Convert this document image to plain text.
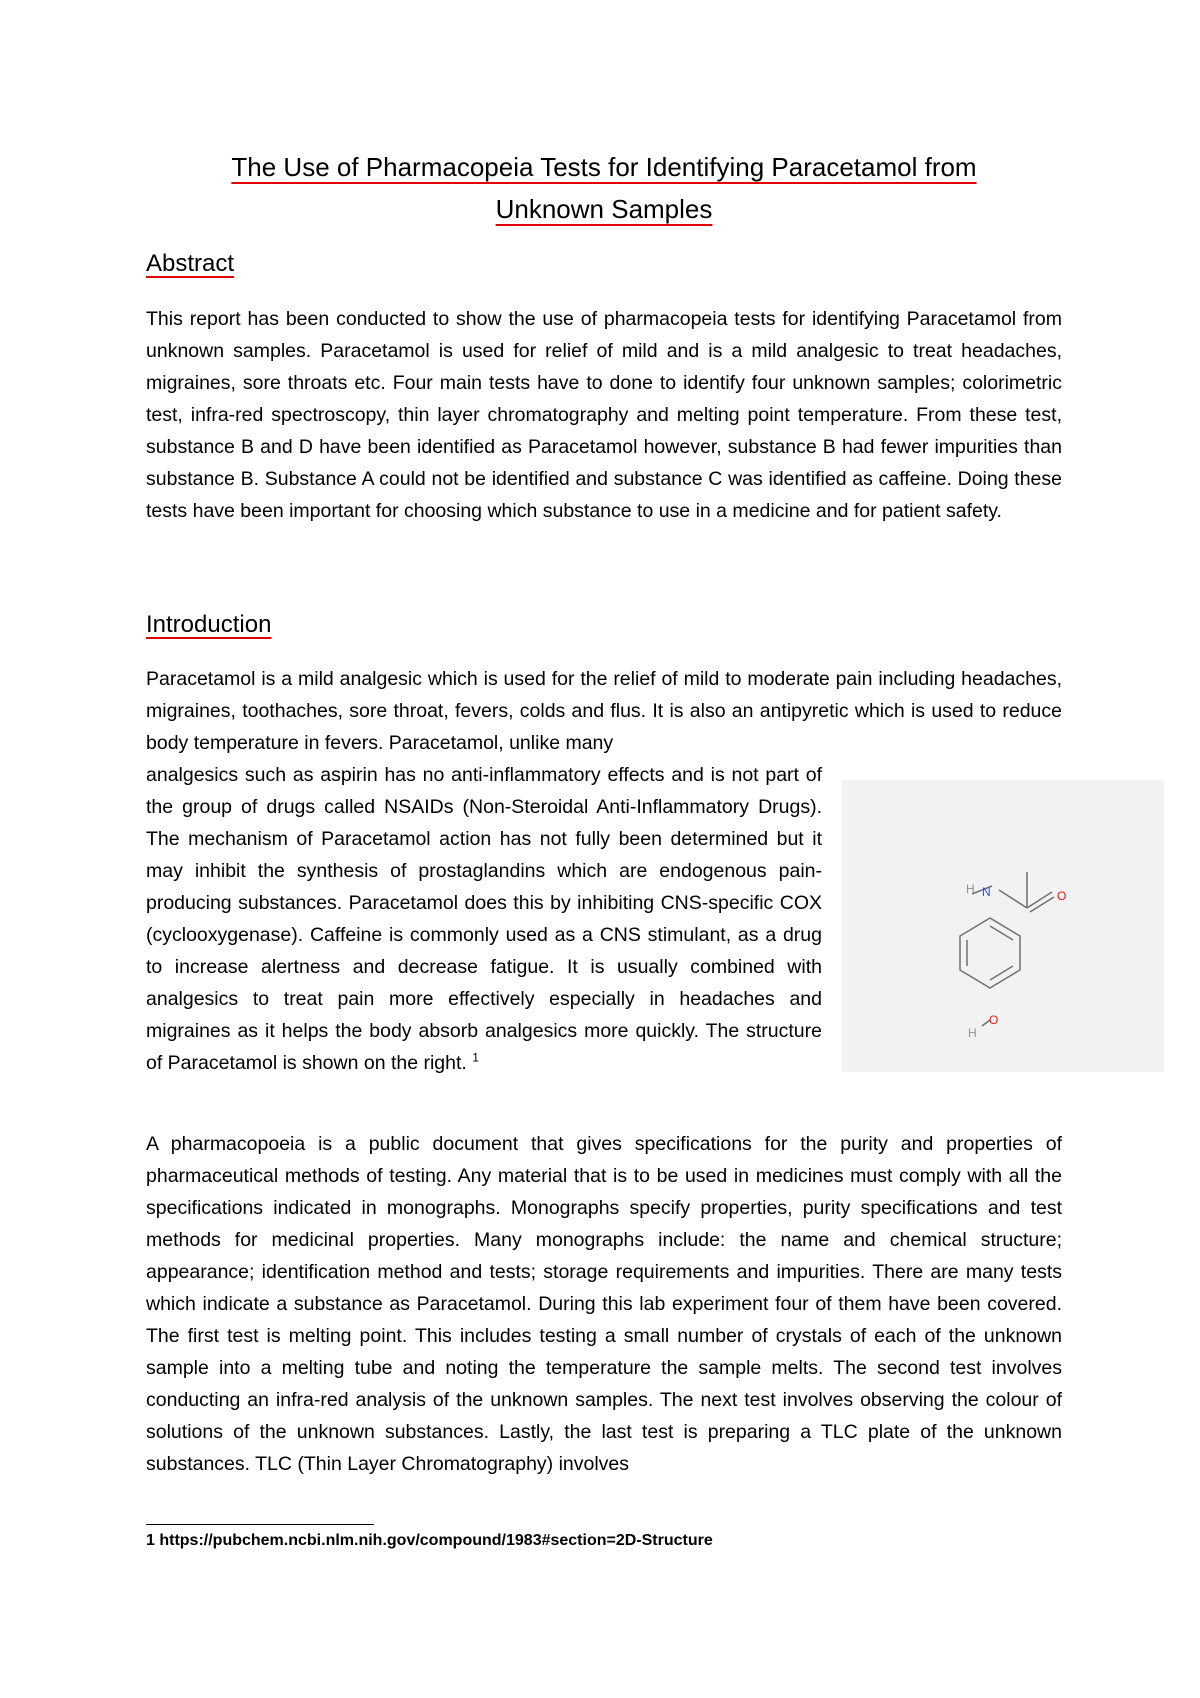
The Use of Pharmacopeia Tests for Identifying Paracetamol from
Unknown Samples
Abstract
This report has been conducted to show the use of pharmacopeia tests for identifying Paracetamol from unknown samples. Paracetamol is used for relief of mild and is a mild analgesic to treat headaches, migraines, sore throats etc. Four main tests have to done to identify four unknown samples; colorimetric test, infra-red spectroscopy, thin layer chromatography and melting point temperature. From these test, substance B and D have been identified as Paracetamol however, substance B had fewer impurities than substance B. Substance A could not be identified and substance C was identified as caffeine. Doing these tests have been important for choosing which substance to use in a medicine and for patient safety.
Introduction
Paracetamol is a mild analgesic which is used for the relief of mild to moderate pain including headaches, migraines, toothaches, sore throat, fevers, colds and flus. It is also an antipyretic which is used to reduce body temperature in fevers. Paracetamol, unlike many
analgesics such as aspirin has no anti-inflammatory effects and is not part of the group of drugs called NSAIDs (Non-Steroidal Anti-Inflammatory Drugs). The mechanism of Paracetamol action has not fully been determined but it may inhibit the synthesis of prostaglandins which are endogenous pain-producing substances. Paracetamol does this by inhibiting CNS-specific COX (cyclooxygenase). Caffeine is commonly used as a CNS stimulant, as a drug to increase alertness and decrease fatigue. It is usually combined with analgesics to treat pain more effectively especially in headaches and migraines as it helps the body absorb analgesics more quickly. The structure of Paracetamol is shown on the right. $^1$
H N	O
H
O
A pharmacopoeia is a public document that gives specifications for the purity and properties of pharmaceutical methods of testing. Any material that is to be used in medicines must comply with all the specifications indicated in monographs. Monographs specify properties, purity specifications and test methods for medicinal properties. Many monographs include: the name and chemical structure; appearance; identification method and tests; storage requirements and impurities. There are many tests which indicate a substance as Paracetamol. During this lab experiment four of them have been covered. The first test is melting point. This includes testing a small number of crystals of each of the unknown sample into a melting tube and noting the temperature the sample melts. The second test involves conducting an infra-red analysis of the unknown samples. The next test involves observing the colour of solutions of the unknown substances. Lastly, the last test is preparing a TLC plate of the unknown substances. TLC (Thin Layer Chromatography) involves
1 https://pubchem.ncbi.nlm.nih.gov/compound/1983#section=2D-Structure
